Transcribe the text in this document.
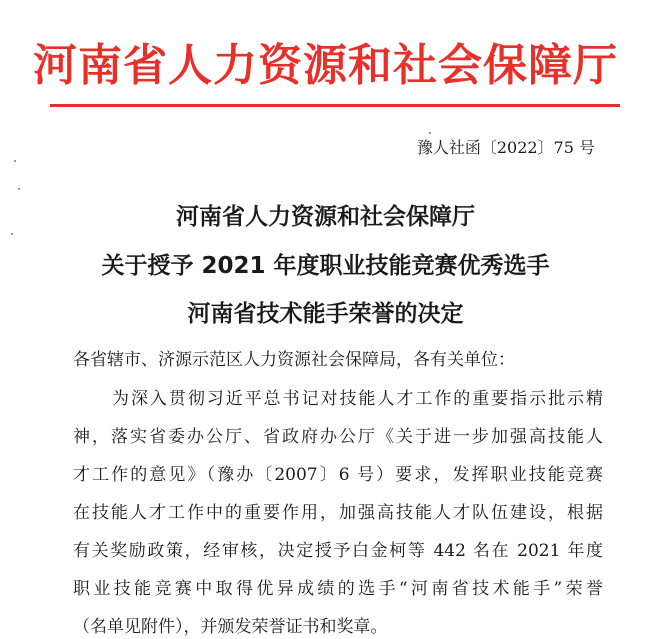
河南省人力资源和社会保障厅
豫人社函〔2022〕75 号
河南省人力资源和社会保障厅
关于授予 2021 年度职业技能竞赛优秀选手
河南省技术能手荣誉的决定
各省辖市、济源示范区人力资源社会保障局，各有关单位：
为深入贯彻习近平总书记对技能人才工作的重要指示批示精
神，落实省委办公厅、省政府办公厅《关于进一步加强高技能人
才工作的意见》（豫办〔2007〕6 号）要求，发挥职业技能竞赛
在技能人才工作中的重要作用，加强高技能人才队伍建设，根据
有关奖励政策，经审核，决定授予白金柯等 442 名在 2021 年度
职业技能竞赛中取得优异成绩的选手“河南省技术能手”荣誉
（名单见附件），并颁发荣誉证书和奖章。
